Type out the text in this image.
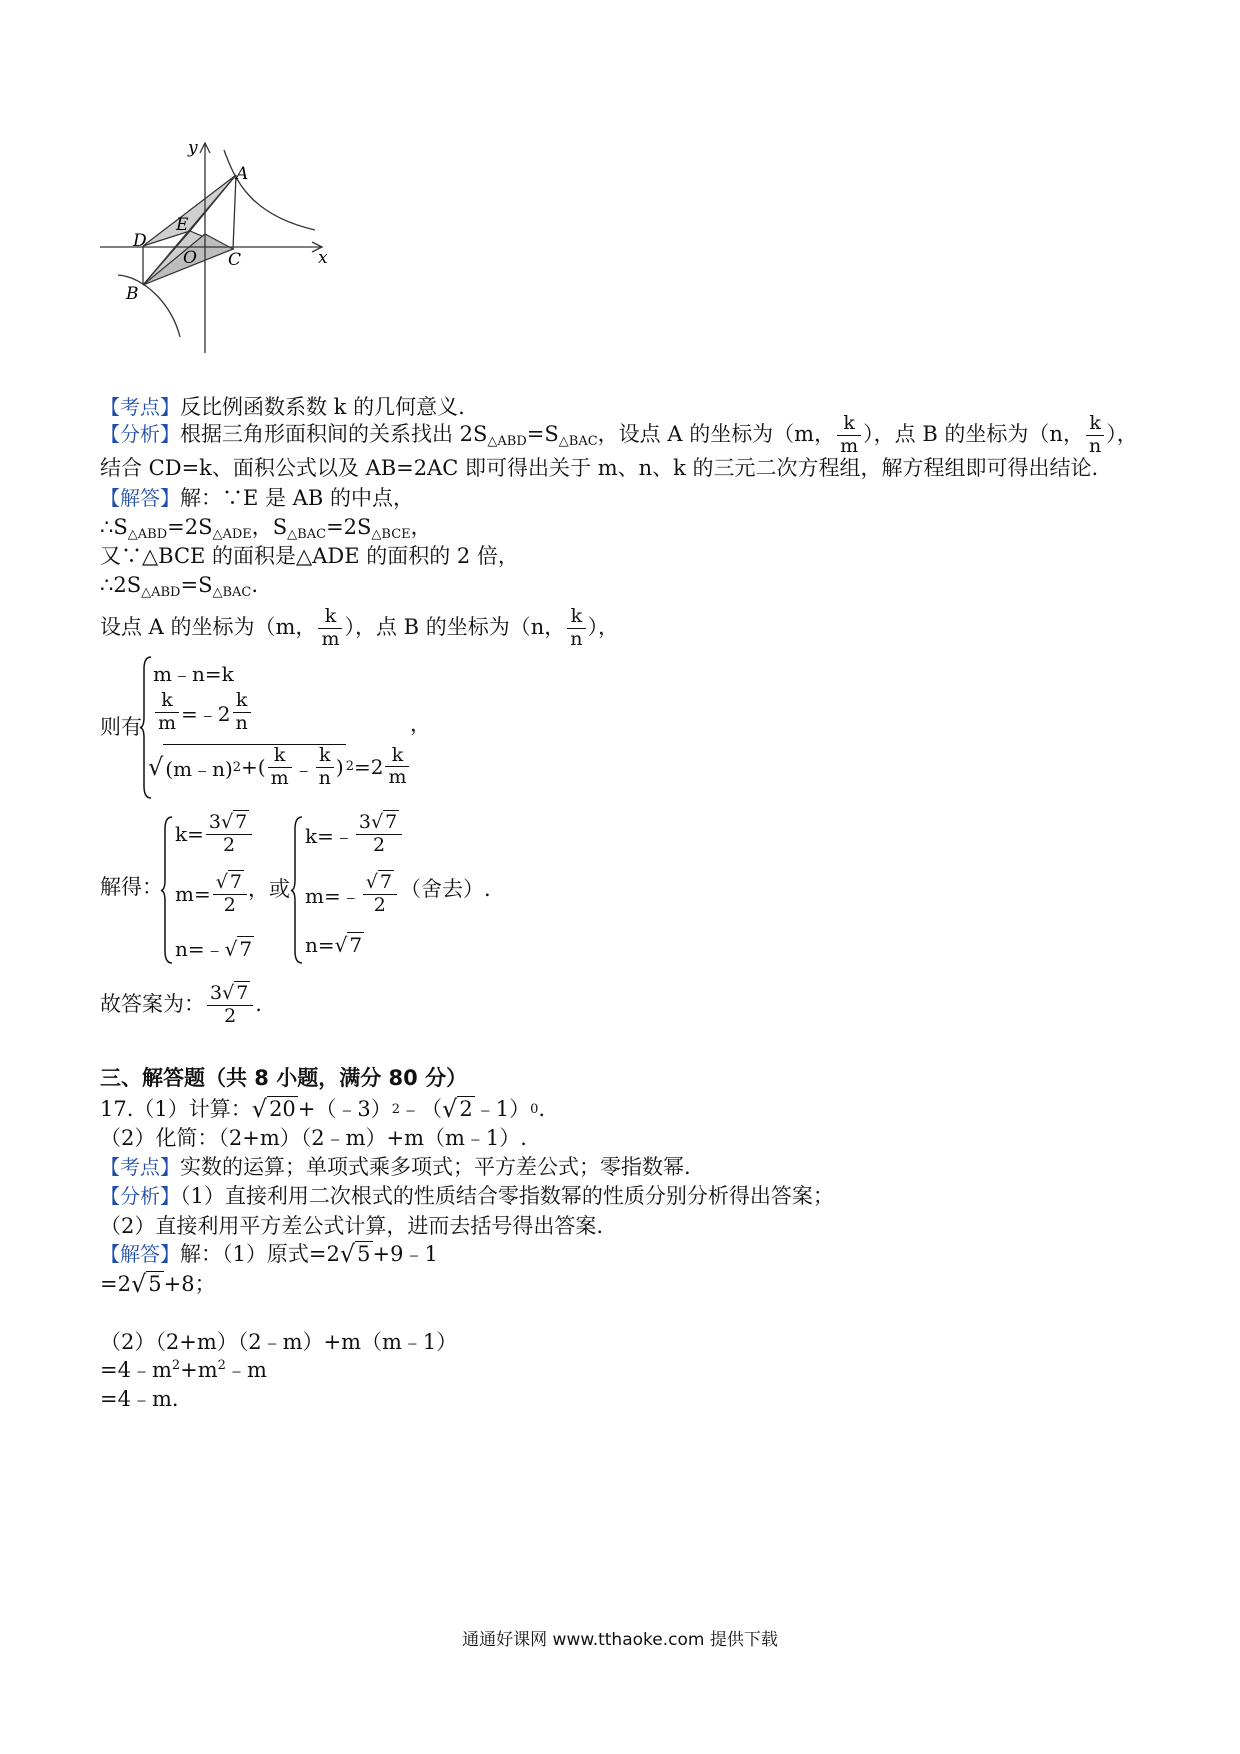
y
x
A
E
D
O C
B
【考点】反比例函数系数 k 的几何意义.
【分析】根据三角形面积间的关系找出 $2S_{\triangle ABD}=S_{\triangle BAC}$，设点 A 的坐标为（m， $\frac{k}{m}$ ），点 B 的坐标为（n， $\frac{k}{n}$ ），
结合 CD=k、面积公式以及 AB=2AC 即可得出关于 m、n、k 的三元二次方程组，解方程组即可得出结论.
【解答】解：∵E 是 AB 的中点，
$\therefore S_{\triangle ABD}=2S_{\triangle ADE}$，$S_{\triangle BAC}=2S_{\triangle BCE}$，
又∵△BCE 的面积是△ADE 的面积的 2 倍，
$\therefore 2S_{\triangle ABD}=S_{\triangle BAC}$.
设点 A 的坐标为（m， $\frac{k}{m}$ ），点 B 的坐标为（n， $\frac{k}{n}$ ），
则有
m﹣n=k
$\frac{k}{m}$ =﹣2 $\frac{k}{n}$
√ (m﹣n) 2 +( $\frac{k}{m}$ ﹣ $\frac{k}{n}$ ) $2 =2 \frac{k}{m}$
，
解得：
$k= \frac{3√ 7}{2}$
$m= \frac{√ 7}{2}$
n=﹣√ 7
，或
k=﹣ $\frac{3√ 7}{2}$
m=﹣ $\frac{√ 7}{2}$
n=√ 7
（舍去）.
故答案为： $\frac{3√ 7}{2}$ .
三、解答题（共 8 小题，满分 80 分）
17.（1）计算： √ 20 +（﹣3） 2 ﹣（ √ 2 ﹣1） 0 .
（2）化简：（2+m）（2﹣m）+m（m﹣1）.
【考点】实数的运算；单项式乘多项式；平方差公式；零指数幂.
【分析】（1）直接利用二次根式的性质结合零指数幂的性质分别分析得出答案；
（2）直接利用平方差公式计算，进而去括号得出答案.
【解答】 解：（1）原式=2 √ 5 +9﹣1
=2 √ 5 +8；
（2）（2+m）（2﹣m）+m（m﹣1）
$=4﹣m^2+m^2﹣m$
=4﹣m.
通通好课网 www.tthaoke.com 提供下载
